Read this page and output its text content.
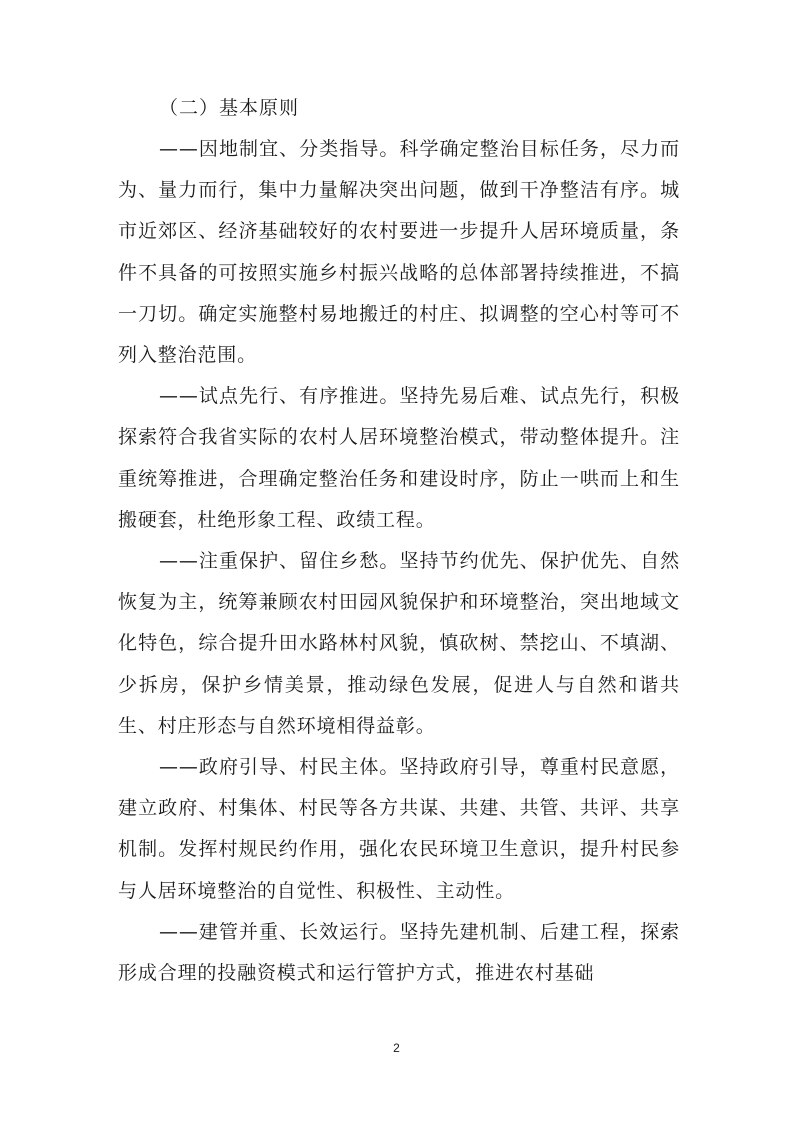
（二）基本原则

——因地制宜、分类指导。科学确定整治目标任务，尽力而为、量力而行，集中力量解决突出问题，做到干净整洁有序。城市近郊区、经济基础较好的农村要进一步提升人居环境质量，条件不具备的可按照实施乡村振兴战略的总体部署持续推进，不搞一刀切。确定实施整村易地搬迁的村庄、拟调整的空心村等可不列入整治范围。

——试点先行、有序推进。坚持先易后难、试点先行，积极探索符合我省实际的农村人居环境整治模式，带动整体提升。注重统筹推进，合理确定整治任务和建设时序，防止一哄而上和生搬硬套，杜绝形象工程、政绩工程。

——注重保护、留住乡愁。坚持节约优先、保护优先、自然恢复为主，统筹兼顾农村田园风貌保护和环境整治，突出地域文化特色，综合提升田水路林村风貌，慎砍树、禁挖山、不填湖、少拆房，保护乡情美景，推动绿色发展，促进人与自然和谐共生、村庄形态与自然环境相得益彰。

——政府引导、村民主体。坚持政府引导，尊重村民意愿，建立政府、村集体、村民等各方共谋、共建、共管、共评、共享机制。发挥村规民约作用，强化农民环境卫生意识，提升村民参与人居环境整治的自觉性、积极性、主动性。

——建管并重、长效运行。坚持先建机制、后建工程，探索形成合理的投融资模式和运行管护方式，推进农村基础

2
